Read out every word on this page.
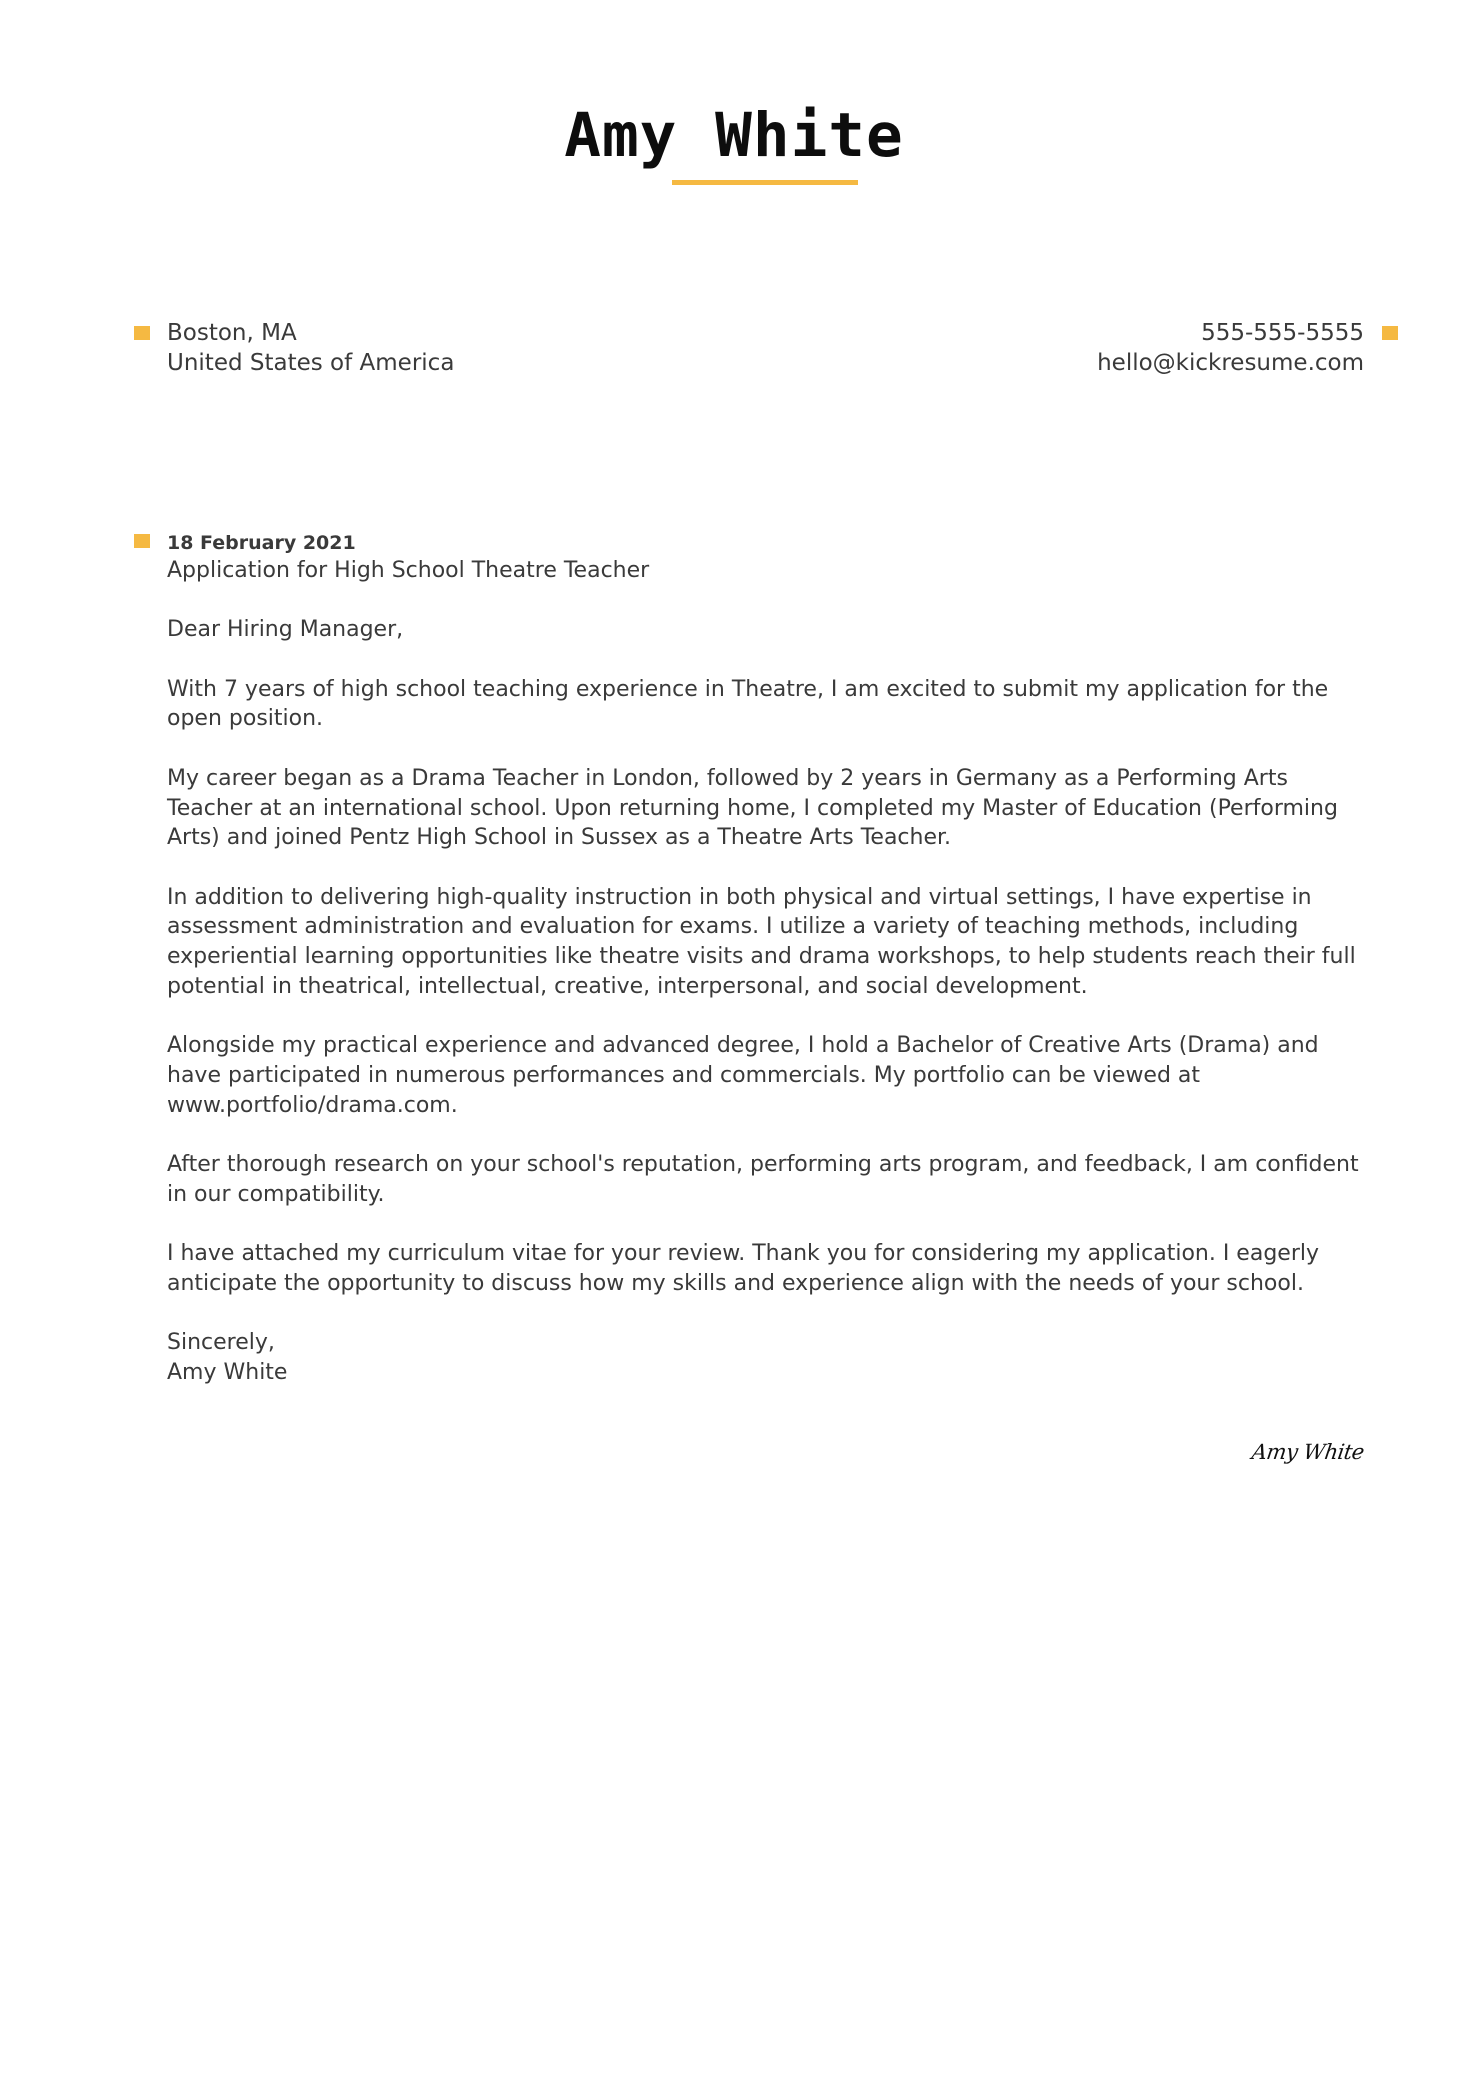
Amy White
Boston, MA
United States of America
555-555-5555
hello@kickresume.com
18 February 2021

Application for High School Theatre Teacher

Dear Hiring Manager,

With 7 years of high school teaching experience in Theatre, I am excited to submit my application for the open position.

My career began as a Drama Teacher in London, followed by 2 years in Germany as a Performing Arts Teacher at an international school. Upon returning home, I completed my Master of Education (Performing Arts) and joined Pentz High School in Sussex as a Theatre Arts Teacher.

In addition to delivering high-quality instruction in both physical and virtual settings, I have expertise in assessment administration and evaluation for exams. I utilize a variety of teaching methods, including experiential learning opportunities like theatre visits and drama workshops, to help students reach their full potential in theatrical, intellectual, creative, interpersonal, and social development.

Alongside my practical experience and advanced degree, I hold a Bachelor of Creative Arts (Drama) and have participated in numerous performances and commercials. My portfolio can be viewed at www.portfolio/drama.com.

After thorough research on your school's reputation, performing arts program, and feedback, I am confident in our compatibility.

I have attached my curriculum vitae for your review. Thank you for considering my application. I eagerly anticipate the opportunity to discuss how my skills and experience align with the needs of your school.

Sincerely,

Amy White

Amy White
